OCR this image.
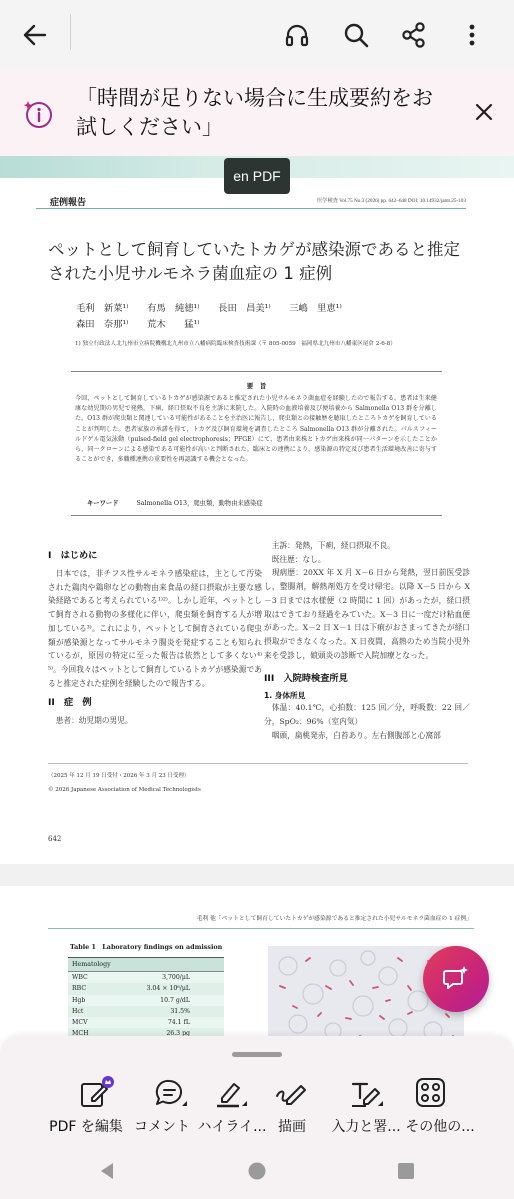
「時間が足りない場合に生成要約をお試しください」
en PDF
症例報告	医学検査 Vol.75 No.3 (2026) pp. 642–648 DOI: 10.14932/jamt.25-103
ペットとして飼育していたトカゲが感染源であると推定された小児サルモネラ菌血症の 1 症例
毛利　新菜¹⁾　　有馬　純徳¹⁾　　長田　昌美¹⁾　　三嶋　里恵¹⁾
森田　奈那¹⁾　　荒木　　猛¹⁾
1) 独立行政法人北九州市立病院機構北九州市立八幡病院臨床検査技術課（〒 805-0059　福岡県北九州市八幡東区尾倉 2-6-8）
要　旨
今回，ペットとして飼育しているトカゲが感染源であると推定された小児サルモネラ菌血症を経験したので報告する。患者は生来健康な幼児期の男児で発熱，下痢，経口摂取不良を主訴に来院した。入院時の血液培養及び便培養から Salmonella O13 群を分離した。O13 群が爬虫類と関連している可能性があることを主治医に報告し，爬虫類との接触歴を聴取したところトカゲを飼育していることが判明した。患者家族の承諾を得て，トカゲ及び飼育環境を調査したところ Salmonella O13 群が分離された。パルスフィールドゲル電気泳動（pulsed-field gel electrophoresis；PFGE）にて，患者由来株とトカゲ由来株が同一パターンを示したことから，同一クローンによる感染である可能性が高いと判断された。臨床との連携により，感染源の特定及び患者生活環境改善に寄与することができ，多職種連携の重要性を再認識する機会となった。
キーワード	Salmonella O13，爬虫類，動物由来感染症
I　はじめに

日本では，非チフス性サルモネラ感染症は，主として汚染された鶏肉や鶏卵などの動物由来食品の経口摂取が主要な感染経路であると考えられている¹⁾²⁾。しかし近年，ペットとして飼育される動物の多様化に伴い，爬虫類を飼育する人が増加している³⁾。これにより，ペットとして飼育されている爬虫類が感染源となってサルモネラ腸炎を発症することも知られているが，原因の特定に至った報告は依然として多くない⁴⁾⁵⁾。今回我々はペットとして飼育しているトカゲが感染源であると推定された症例を経験したので報告する。

II　症　例

患者：幼児期の男児。

主訴：発熱，下痢，経口摂取不良。

既往歴：なし。

現病歴：20XX 年 X 月 X－6 日から発熱，翌日前医受診し，整腸剤，解熱剤処方を受け帰宅。以降 X－5 日から X－3 日までは水様便（2 時間に 1 回）があったが，経口摂取はできており経過をみていた。X－3 日に一度だけ粘血便があった。X－2 日 X－1 日は下痢がおさまってきたが経口摂取ができなくなった。X 日夜間，高熱のため当院小児外来を受診し，娘頭炎の診断で入院加療となった。

III　入院時検査所見
1. 身体所見

体温：40.1℃，心拍数：125 回／分，呼吸数：22 回／分，SpO₂：96%（室内気）

咽頭，扁桃発赤，白苔あり。左右側腹部と心窩部

（2025 年 12 月 19 日受付・2026 年 3 月 23 日受理）
© 2026 Japanese Association of Medical Technologists
642
毛利 他「ペットとして飼育していたトカゲが感染源であると推定された小児サルモネラ菌血症の 1 症例」
Table 1　Laboratory findings on admission
Hematology
WBC	3,700/μL
RBC	3.04 × 10⁶/μL
Hgb	10.7 g/dL
Hct	31.5%
MCV	74.1 fL
MCH	26.3 pg
PDF を編集 コメント ハイライ... 描画	入力と署... その他の...
